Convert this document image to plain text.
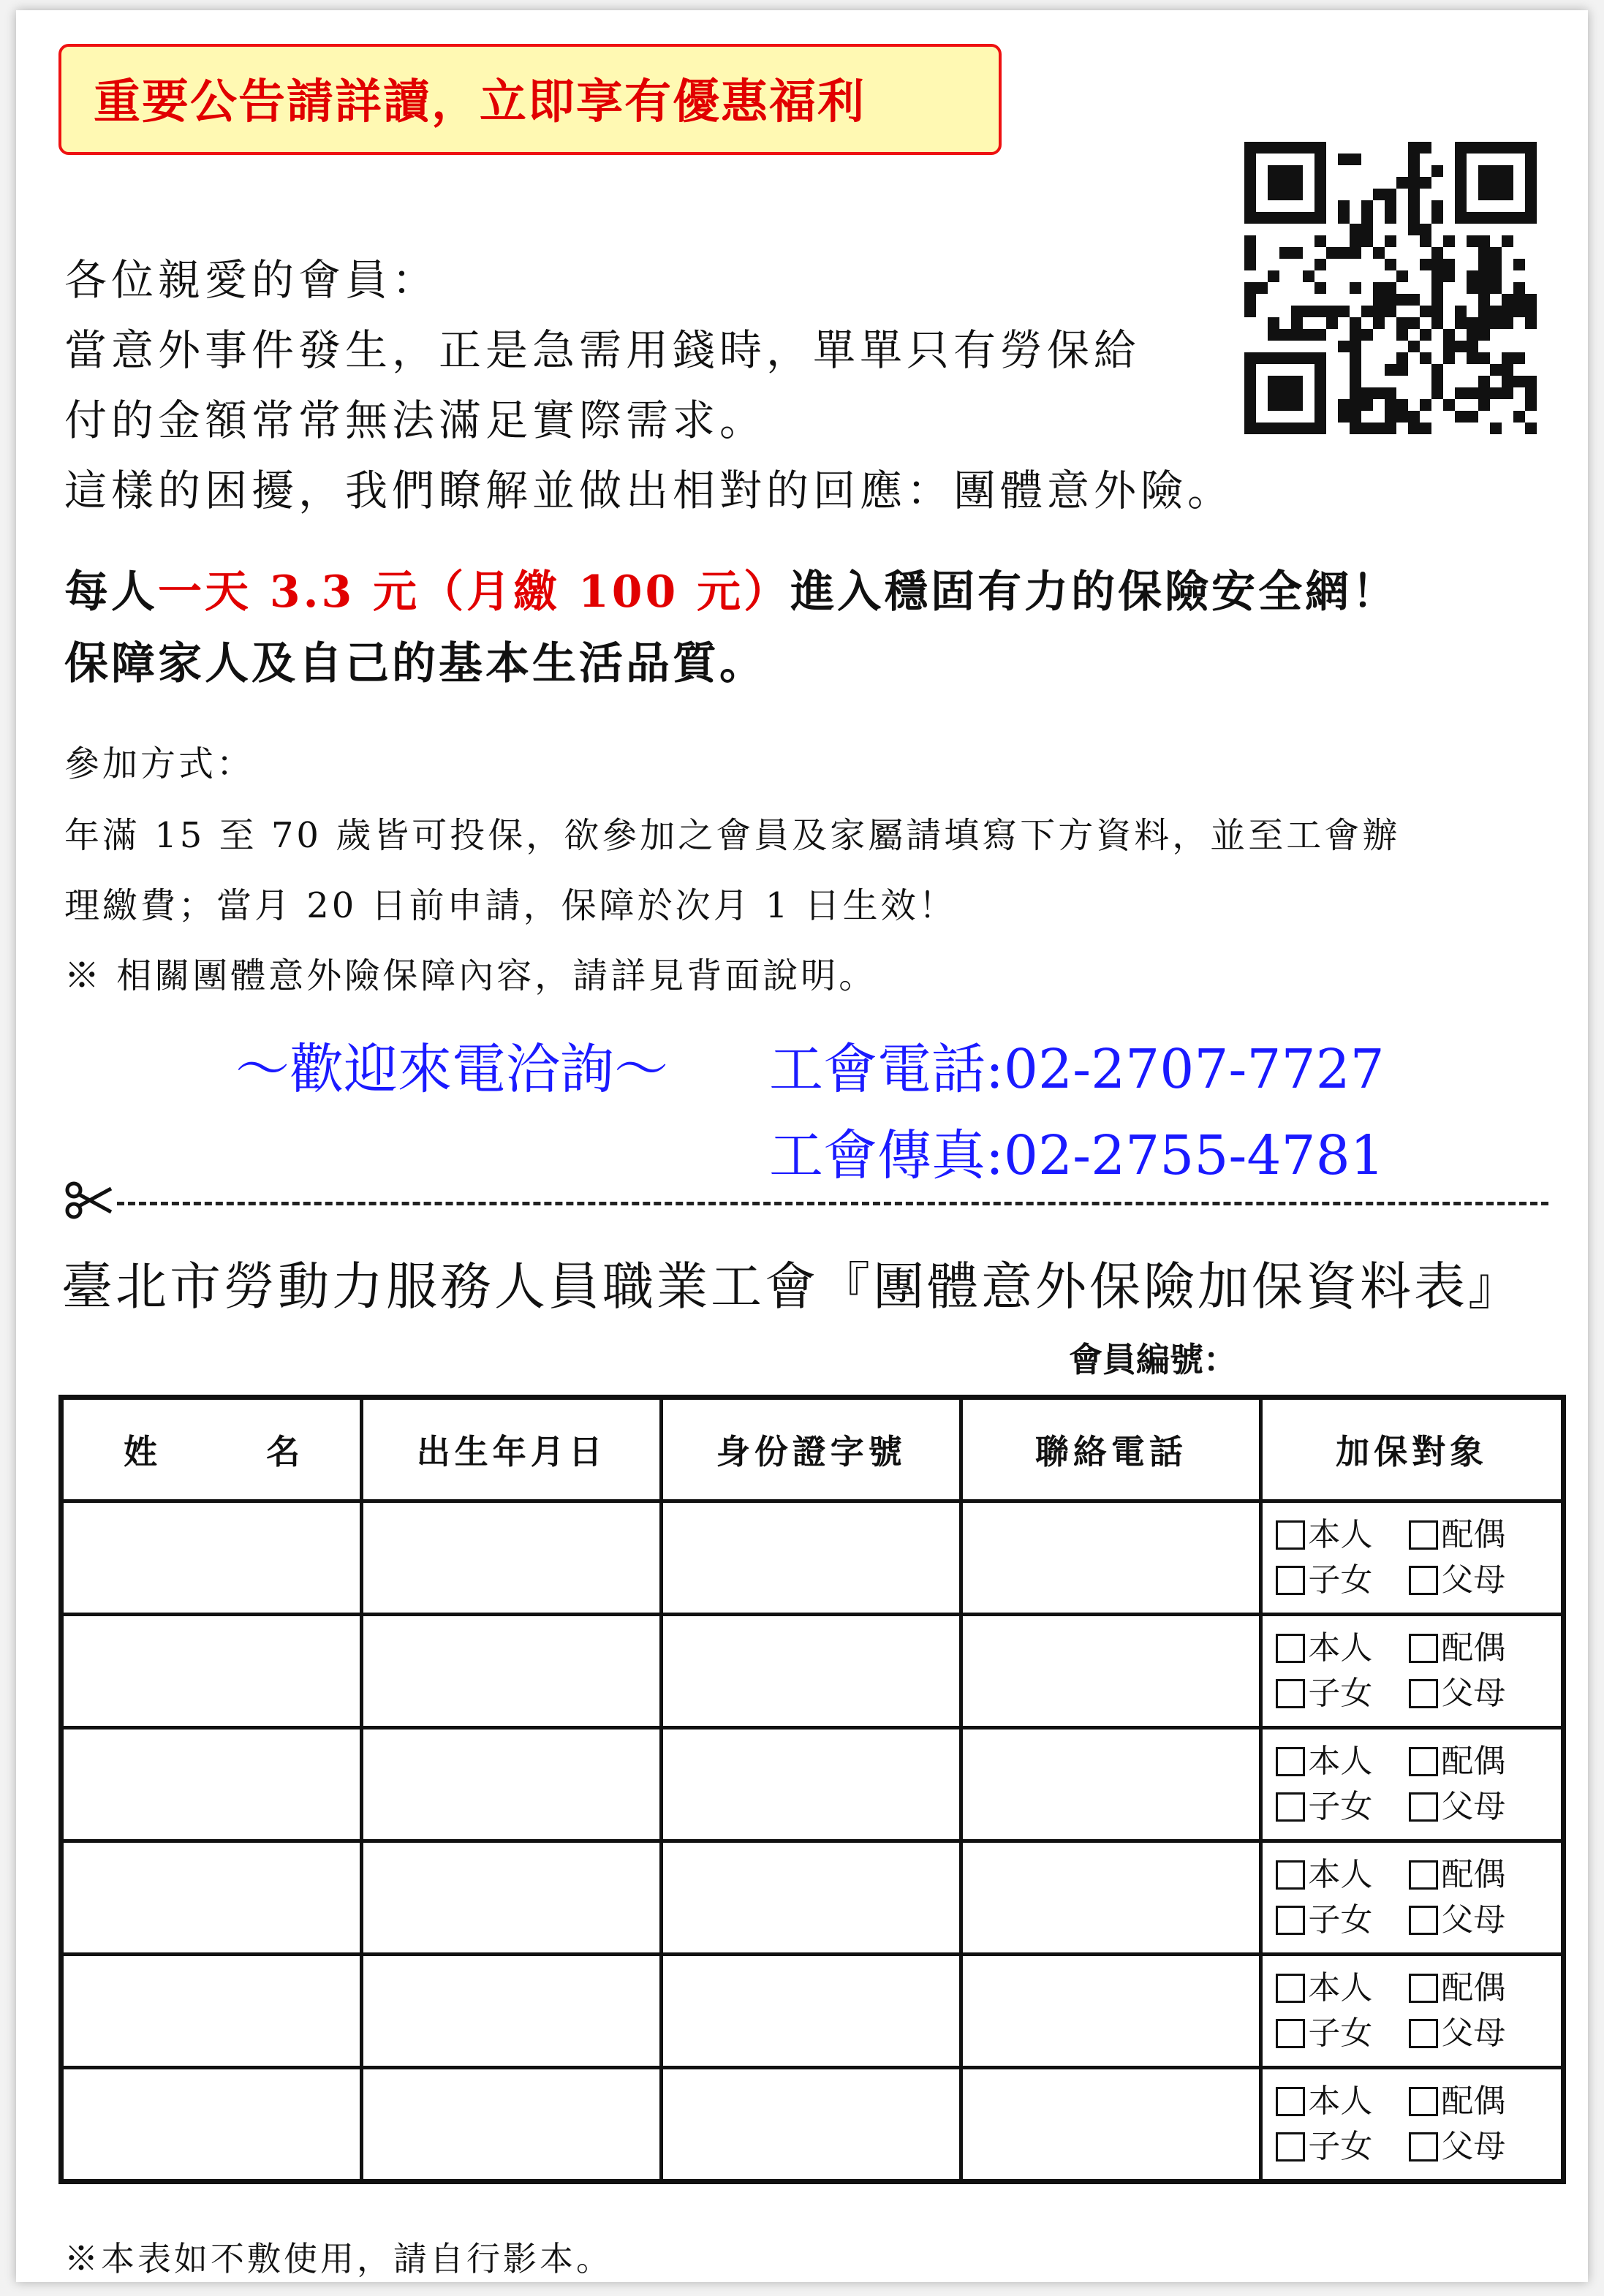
重要公告請詳讀，立即享有優惠福利
各位親愛的會員：
當意外事件發生，正是急需用錢時，單單只有勞保給
付的金額常常無法滿足實際需求。
這樣的困擾，我們瞭解並做出相對的回應：團體意外險。
每人一天 3.3 元（月繳 100 元）進入穩固有力的保險安全網！
保障家人及自己的基本生活品質。
參加方式：
年滿 15 至 70 歲皆可投保，欲參加之會員及家屬請填寫下方資料，並至工會辦
理繳費；當月 20 日前申請，保障於次月 1 日生效！
※ 相關團體意外險保障內容，請詳見背面說明。
～歡迎來電洽詢～ 工會電話:02-2707-7727
工會傳真:02-2755-4781
臺北市勞動力服務人員職業工會『團體意外保險加保資料表』
會員編號：
姓 名	出生年月日	身份證字號	聯絡電話	加保對象

				本人 配偶
子女 父母

				本人 配偶
子女 父母

				本人 配偶
子女 父母

				本人 配偶
子女 父母

				本人 配偶
子女 父母

				本人 配偶
子女 父母
※本表如不敷使用，請自行影本。
